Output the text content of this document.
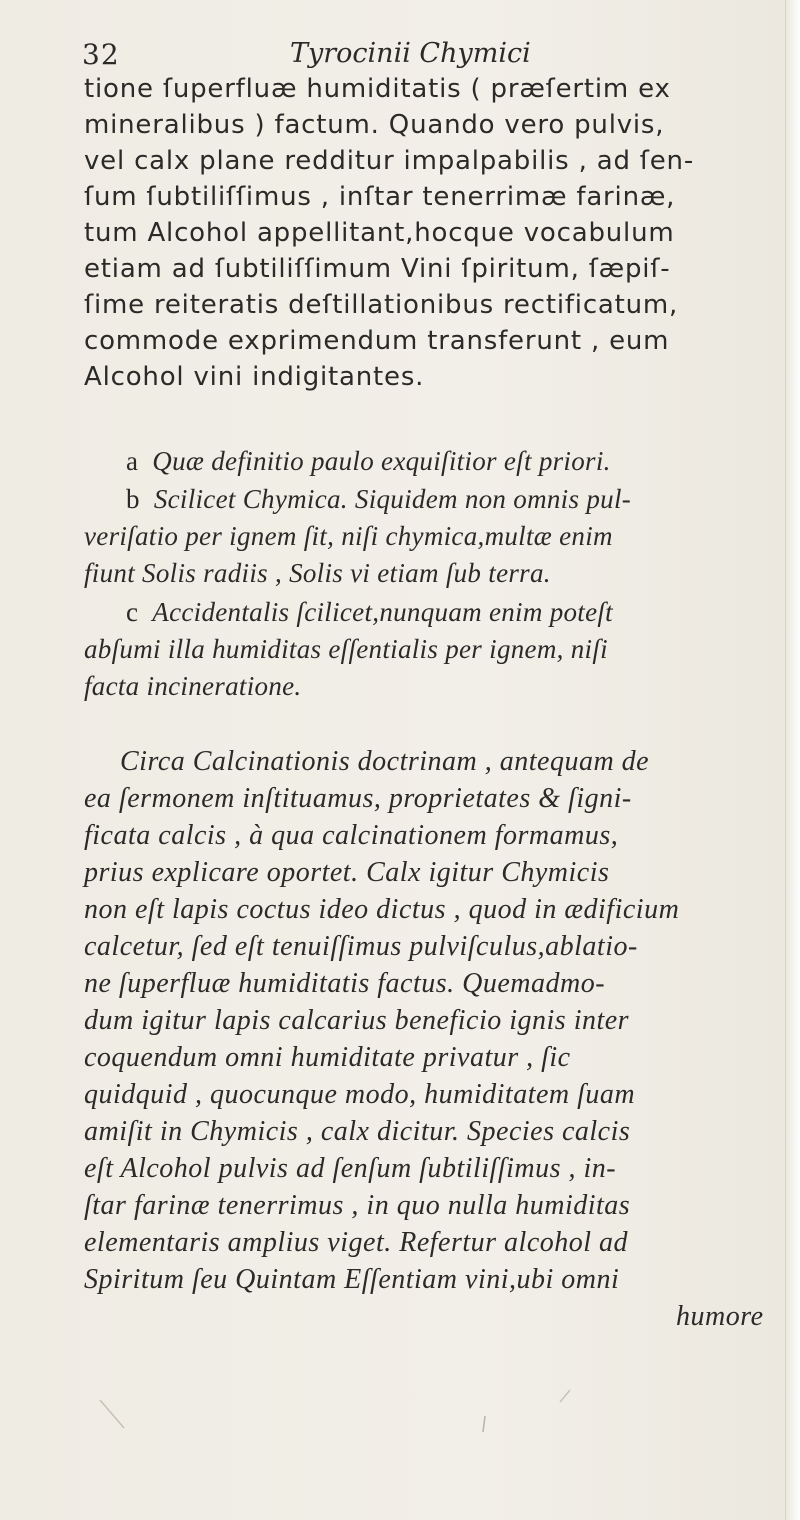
32	Tyrocinii Chymici
tione ſuperfluæ humiditatis ( præſertim ex
mineralibus ) factum. Quando vero pulvis,
vel calx plane redditur impalpabilis , ad ſen-
ſum ſubtiliſſimus , inſtar tenerrimæ farinæ,
tum Alcohol appellitant,hocque vocabulum
etiam ad ſubtiliſſimum Vini ſpiritum, ſæpiſ-
ſime reiteratis deſtillationibus rectificatum,
commode exprimendum transferunt , eum
Alcohol vini indigitantes.
a Quæ definitio paulo exquiſitior eſt priori.
b Scilicet Chymica. Siquidem non omnis pul-
veriſatio per ignem ſit, niſi chymica,multæ enim
fiunt Solis radiis , Solis vi etiam ſub terra.
c Accidentalis ſcilicet,nunquam enim poteſt
abſumi illa humiditas eſſentialis per ignem, niſi
facta incineratione.
Circa Calcinationis doctrinam , antequam de
ea ſermonem inſtituamus, proprietates & ſigni-
ficata calcis , à qua calcinationem formamus,
prius explicare oportet. Calx igitur Chymicis
non eſt lapis coctus ideo dictus , quod in ædificium
calcetur, ſed eſt tenuiſſimus pulviſculus,ablatio-
ne ſuperfluæ humiditatis factus. Quemadmo-
dum igitur lapis calcarius beneficio ignis inter
coquendum omni humiditate privatur , ſic
quidquid , quocunque modo, humiditatem ſuam
amiſit in Chymicis , calx dicitur. Species calcis
eſt Alcohol pulvis ad ſenſum ſubtiliſſimus , in-
ſtar farinæ tenerrimus , in quo nulla humiditas
elementaris amplius viget. Refertur alcohol ad
Spiritum ſeu Quintam Eſſentiam vini,ubi omni
humore
